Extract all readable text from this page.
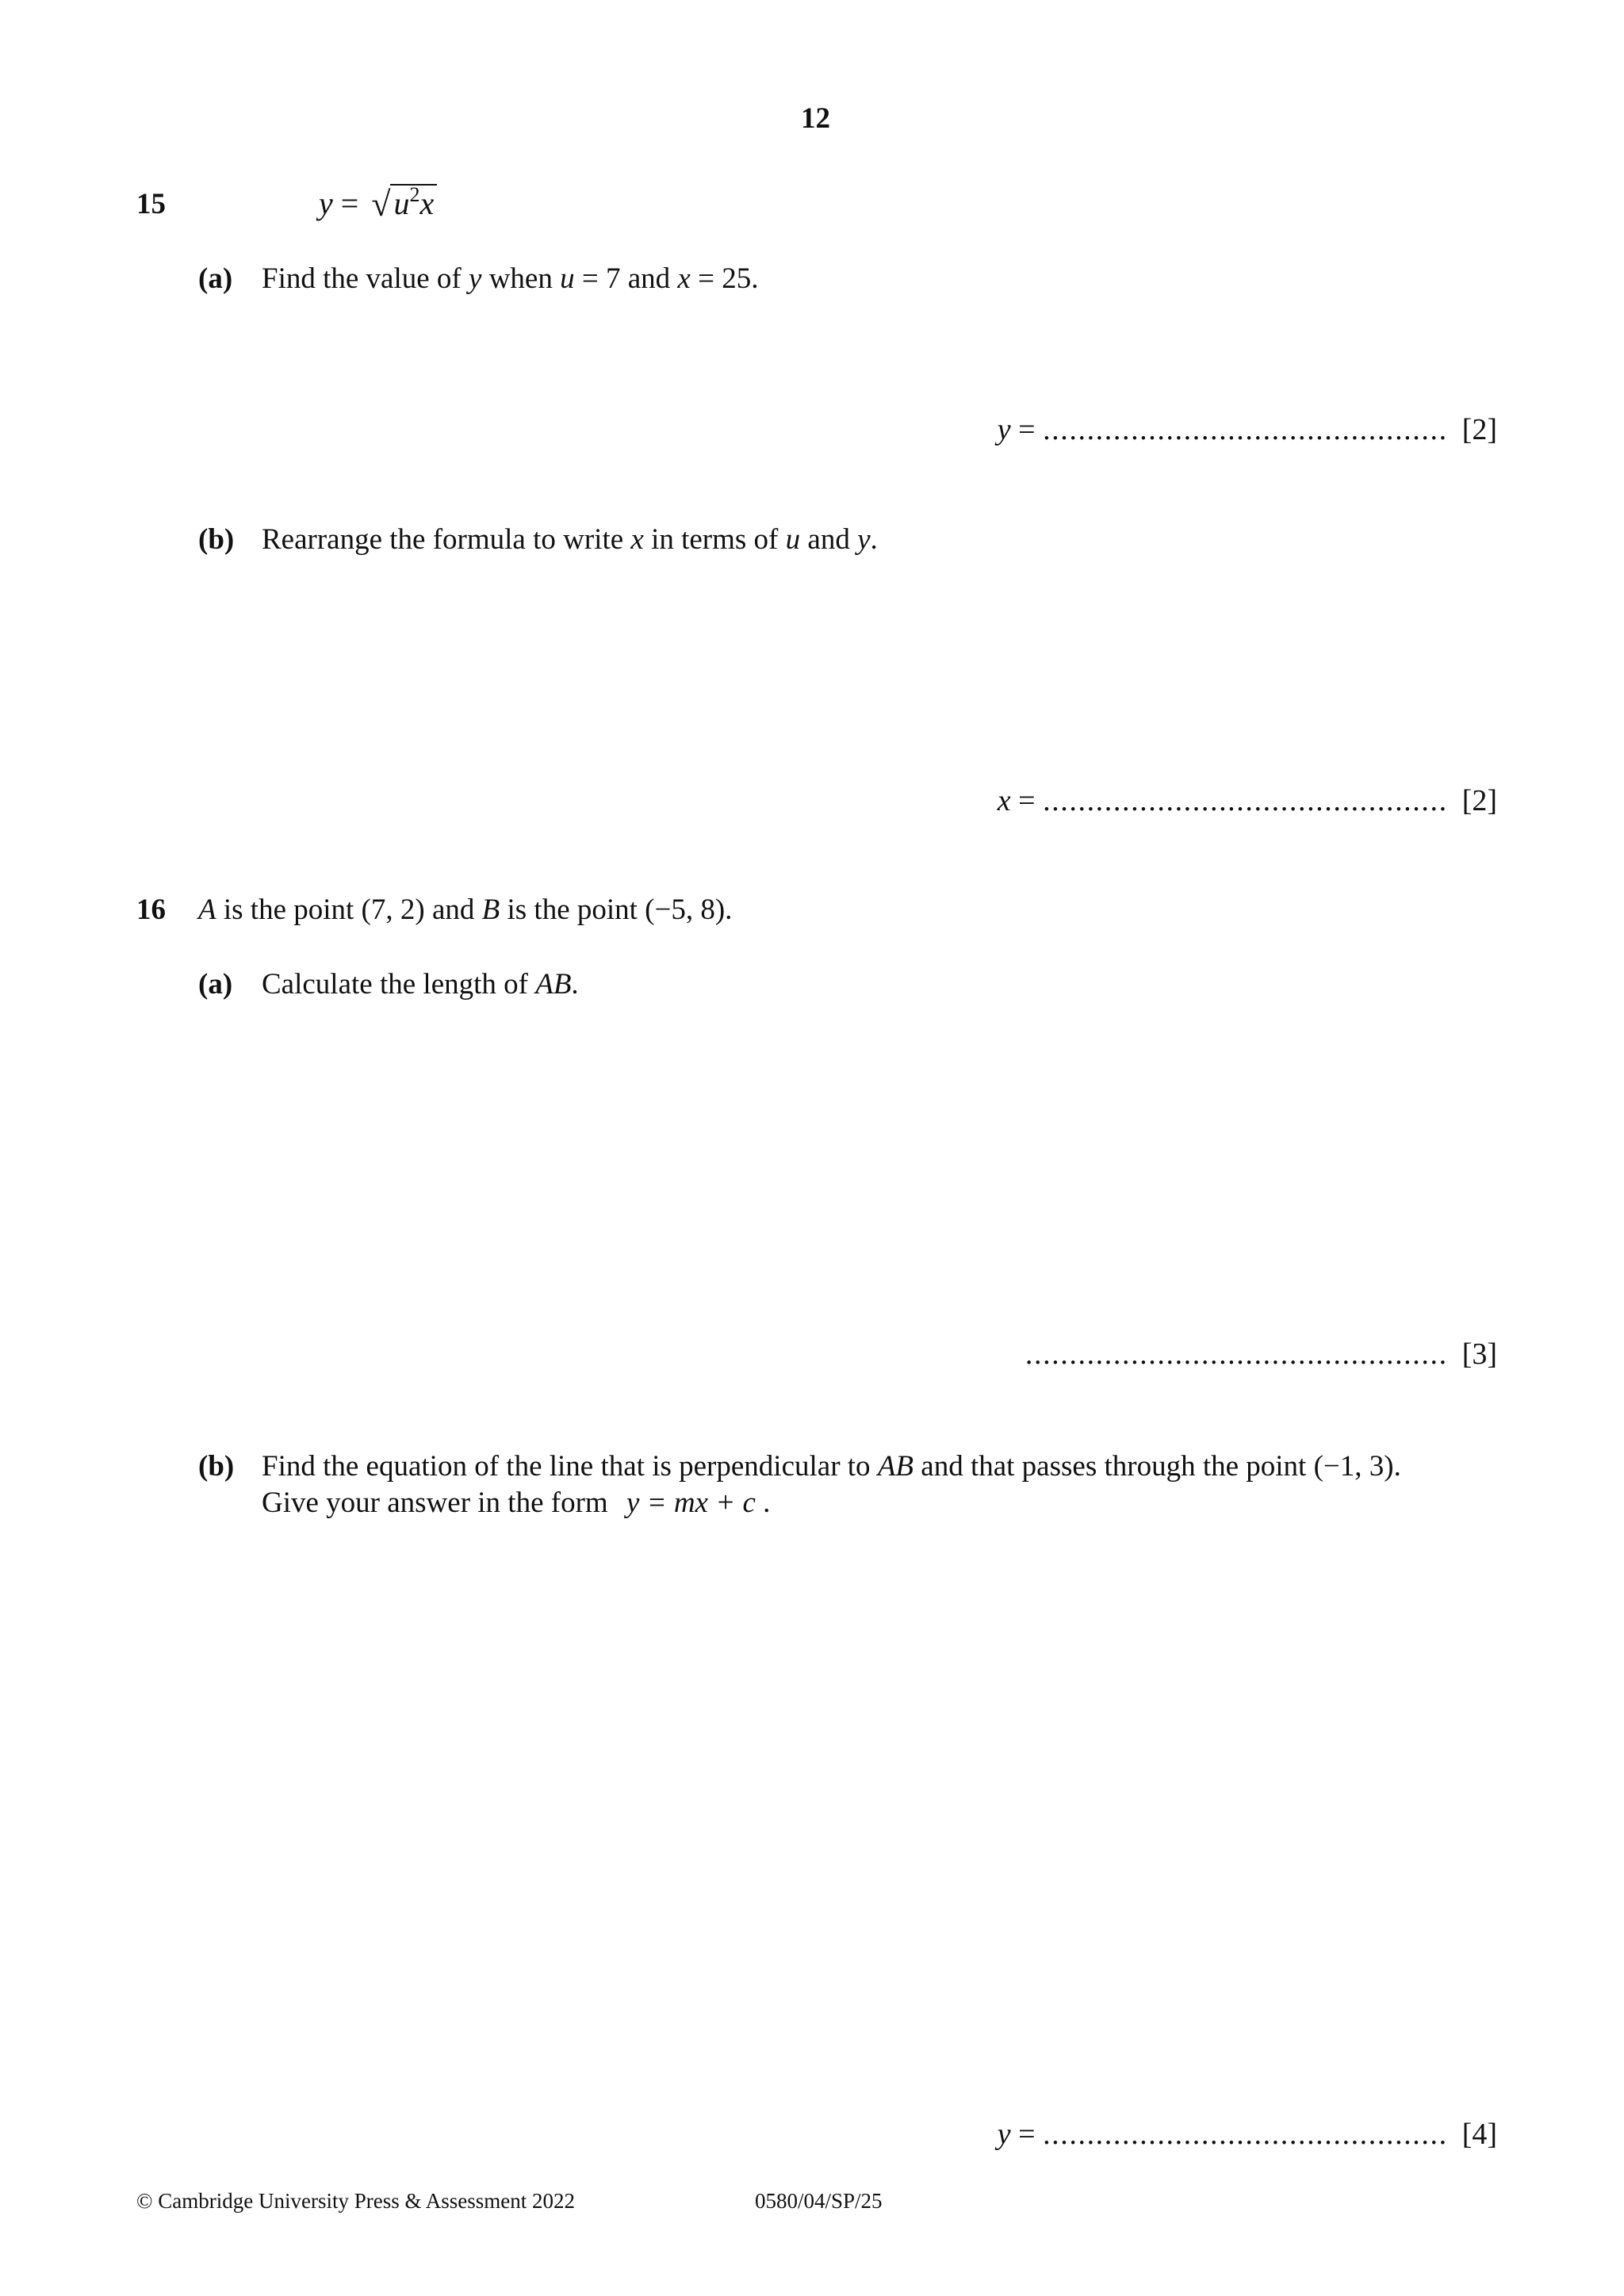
12
15	y = √ $u^2x$
(a) Find the value of y when u = 7 and x = 25.
y = .............................................. [2]
(b) Rearrange the formula to write x in terms of u and y.
x = .............................................. [2]
16 A is the point (7, 2) and B is the point (−5, 8).
(a) Calculate the length of AB.
................................................ [3]
(b) Find the equation of the line that is perpendicular to AB and that passes through the point (−1, 3).
Give your answer in the form y = mx + c .
y = .............................................. [4]
© Cambridge University Press & Assessment 2022	0580/04/SP/25
